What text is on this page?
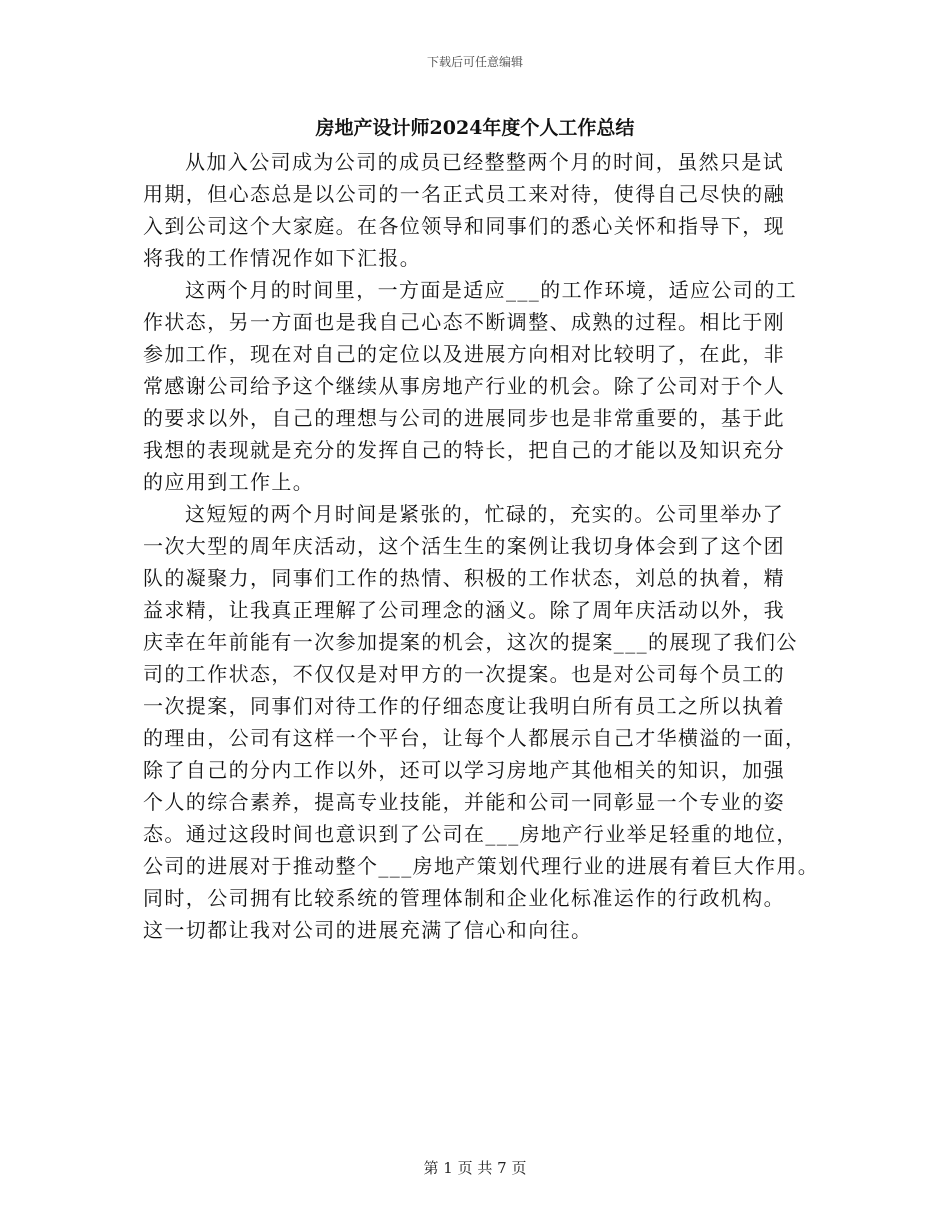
下载后可任意编辑
房地产设计师2024年度个人工作总结
从加入公司成为公司的成员已经整整两个月的时间，虽然只是试
用期，但心态总是以公司的一名正式员工来对待，使得自己尽快的融
入到公司这个大家庭。在各位领导和同事们的悉心关怀和指导下，现
将我的工作情况作如下汇报。
这两个月的时间里，一方面是适应___的工作环境，适应公司的工
作状态，另一方面也是我自己心态不断调整、成熟的过程。相比于刚
参加工作，现在对自己的定位以及进展方向相对比较明了，在此，非
常感谢公司给予这个继续从事房地产行业的机会。除了公司对于个人
的要求以外，自己的理想与公司的进展同步也是非常重要的，基于此
我想的表现就是充分的发挥自己的特长，把自己的才能以及知识充分
的应用到工作上。
这短短的两个月时间是紧张的，忙碌的，充实的。公司里举办了
一次大型的周年庆活动，这个活生生的案例让我切身体会到了这个团
队的凝聚力，同事们工作的热情、积极的工作状态，刘总的执着，精
益求精，让我真正理解了公司理念的涵义。除了周年庆活动以外，我
庆幸在年前能有一次参加提案的机会，这次的提案___的展现了我们公
司的工作状态，不仅仅是对甲方的一次提案。也是对公司每个员工的
一次提案，同事们对待工作的仔细态度让我明白所有员工之所以执着
的理由，公司有这样一个平台，让每个人都展示自己才华横溢的一面，
除了自己的分内工作以外，还可以学习房地产其他相关的知识，加强
个人的综合素养，提高专业技能，并能和公司一同彰显一个专业的姿
态。通过这段时间也意识到了公司在___房地产行业举足轻重的地位，
公司的进展对于推动整个___房地产策划代理行业的进展有着巨大作用。
同时，公司拥有比较系统的管理体制和企业化标准运作的行政机构。
这一切都让我对公司的进展充满了信心和向往。
第 1 页 共 7 页
